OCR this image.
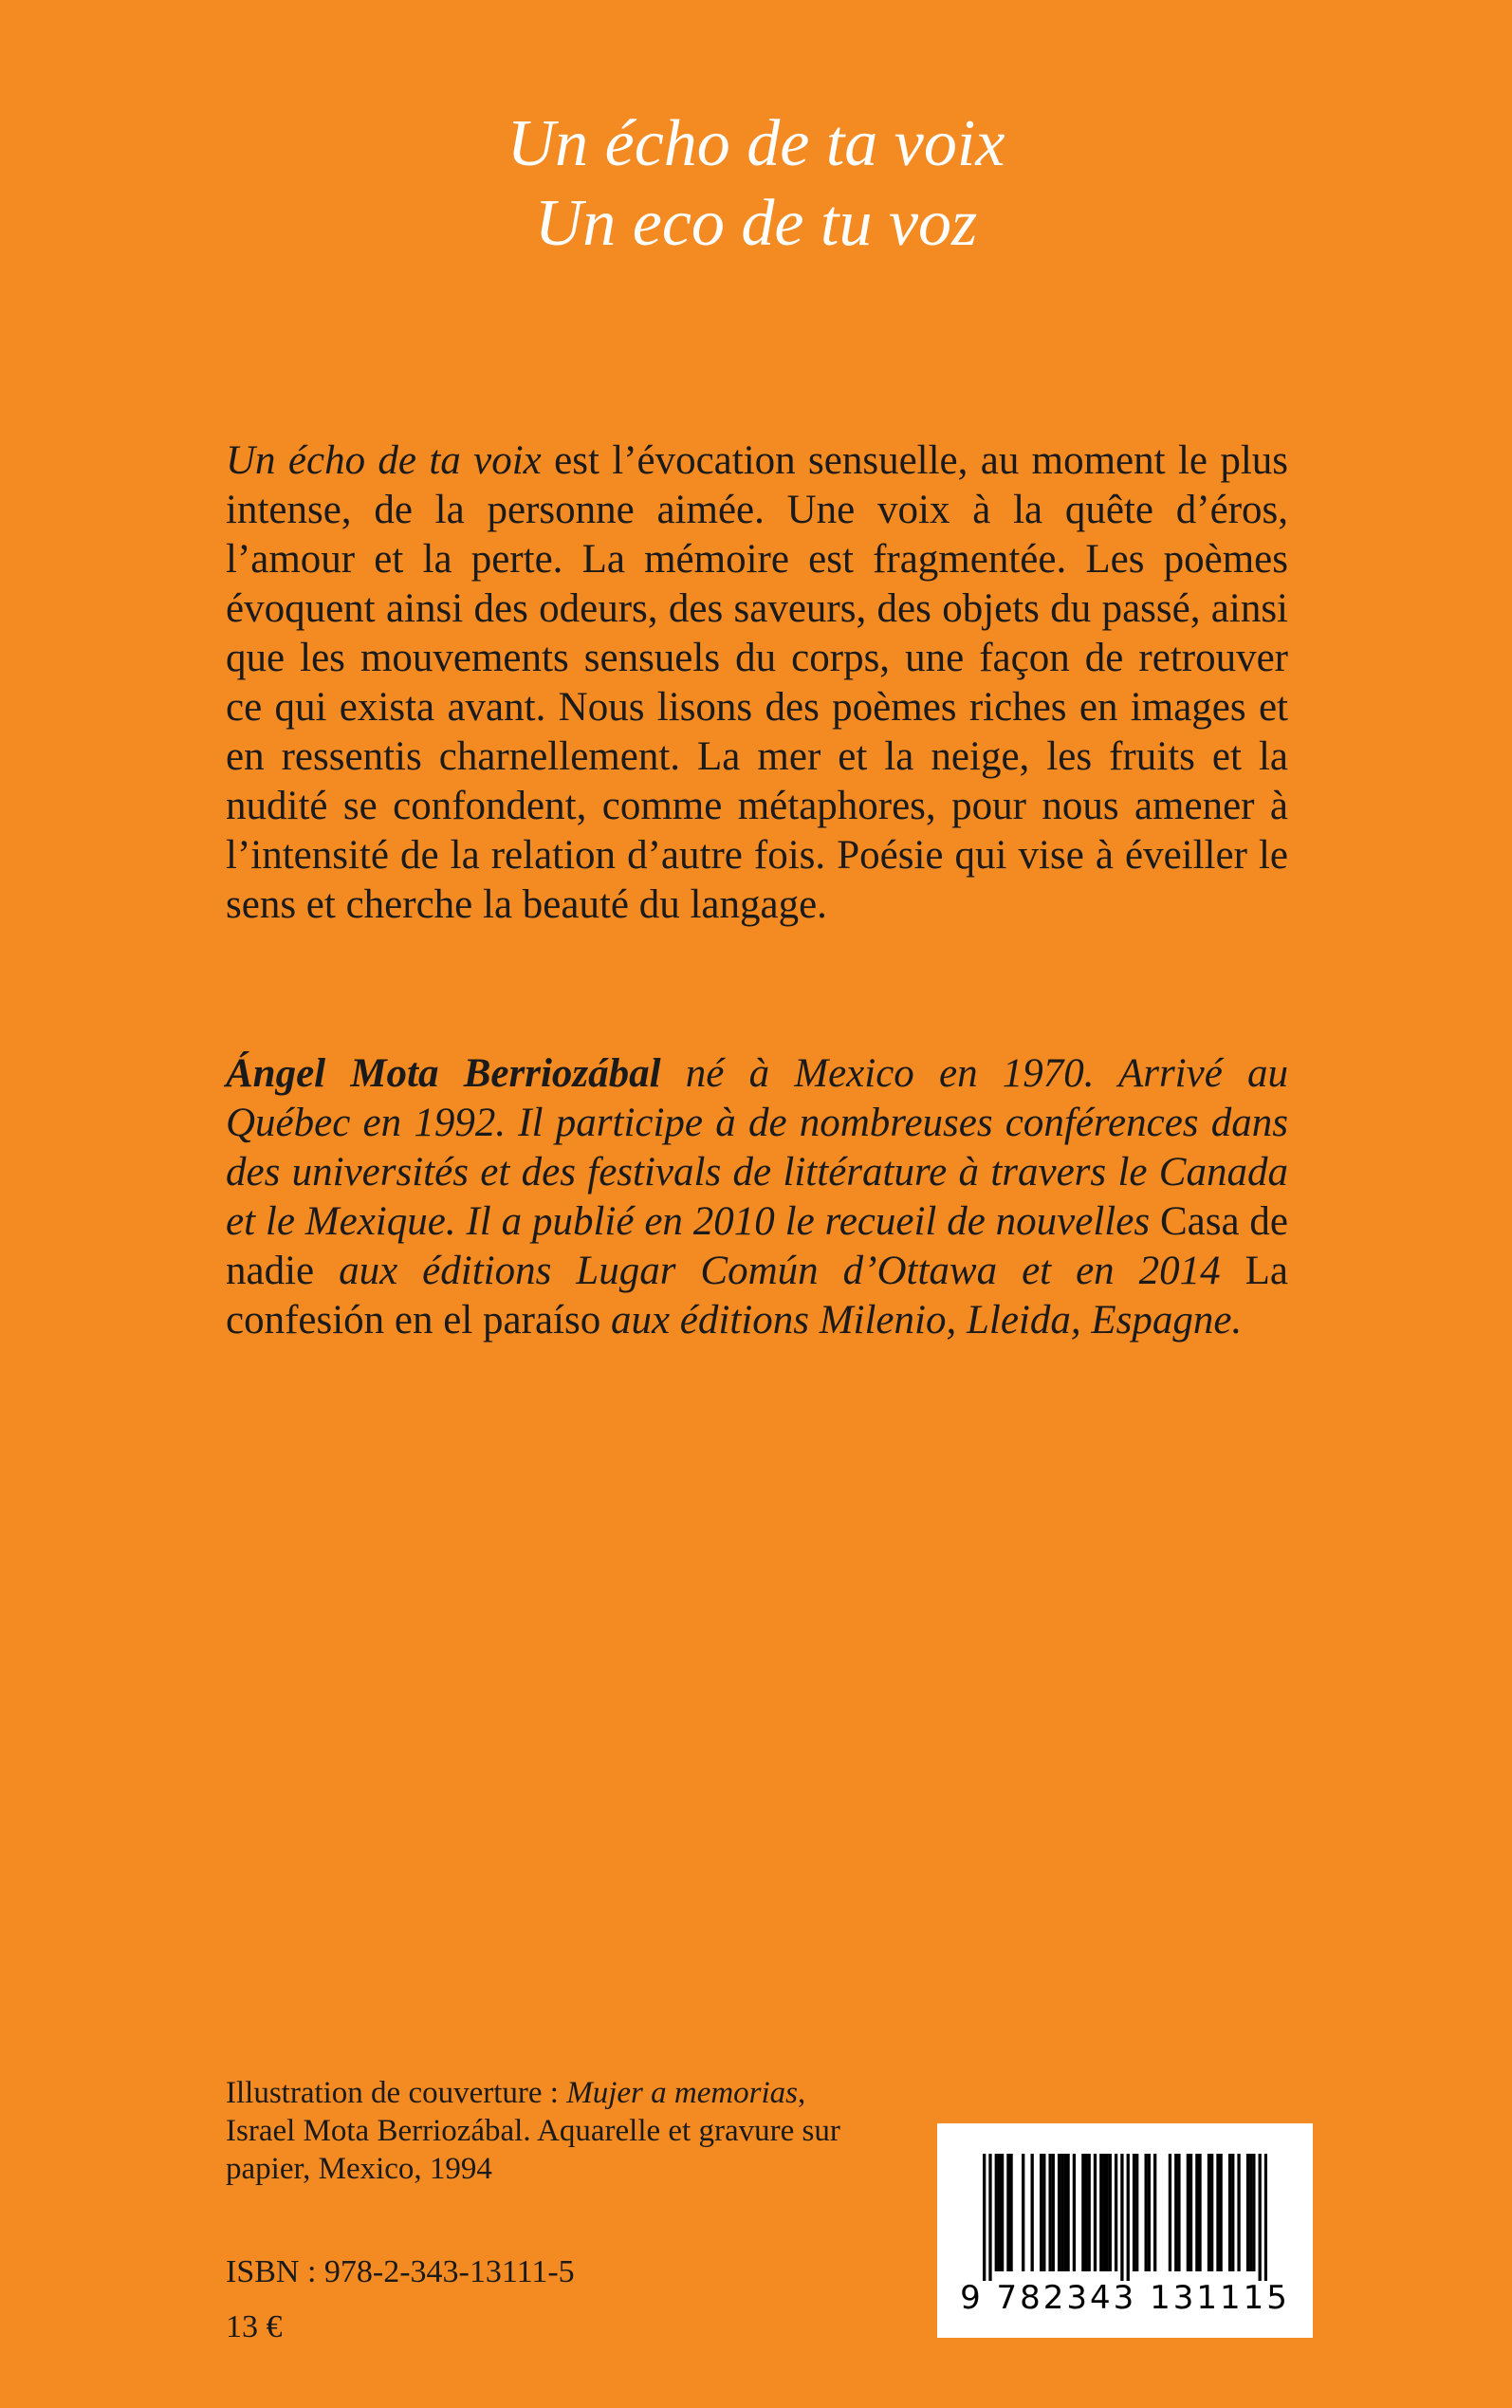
Un écho de ta voix
Un eco de tu voz
Un écho de ta voix est l’évocation sensuelle, au moment le plus intense, de la personne aimée. Une voix à la quête d’éros, l’amour et la perte. La mémoire est fragmentée. Les poèmes évoquent ainsi des odeurs, des saveurs, des objets du passé, ainsi que les mouvements sensuels du corps, une façon de retrouver ce qui exista avant. Nous lisons des poèmes riches en images et en ressentis charnellement. La mer et la neige, les fruits et la nudité se confondent, comme métaphores, pour nous amener à l’intensité de la relation d’autre fois. Poésie qui vise à éveiller le sens et cherche la beauté du langage.
Ángel Mota Berriozábal né à Mexico en 1970. Arrivé au Québec en 1992. Il participe à de nombreuses conférences dans des universités et des festivals de littérature à travers le Canada et le Mexique. Il a publié en 2010 le recueil de nouvelles Casa de nadie aux éditions Lugar Común d’Ottawa et en 2014 La confesión en el paraíso aux éditions Milenio, Lleida, Espagne.
Illustration de couverture : Mujer a memorias, Israel Mota Berriozábal. Aquarelle et gravure sur papier, Mexico, 1994
ISBN : 978-2-343-13111-5
13 €
9 782343 131115
